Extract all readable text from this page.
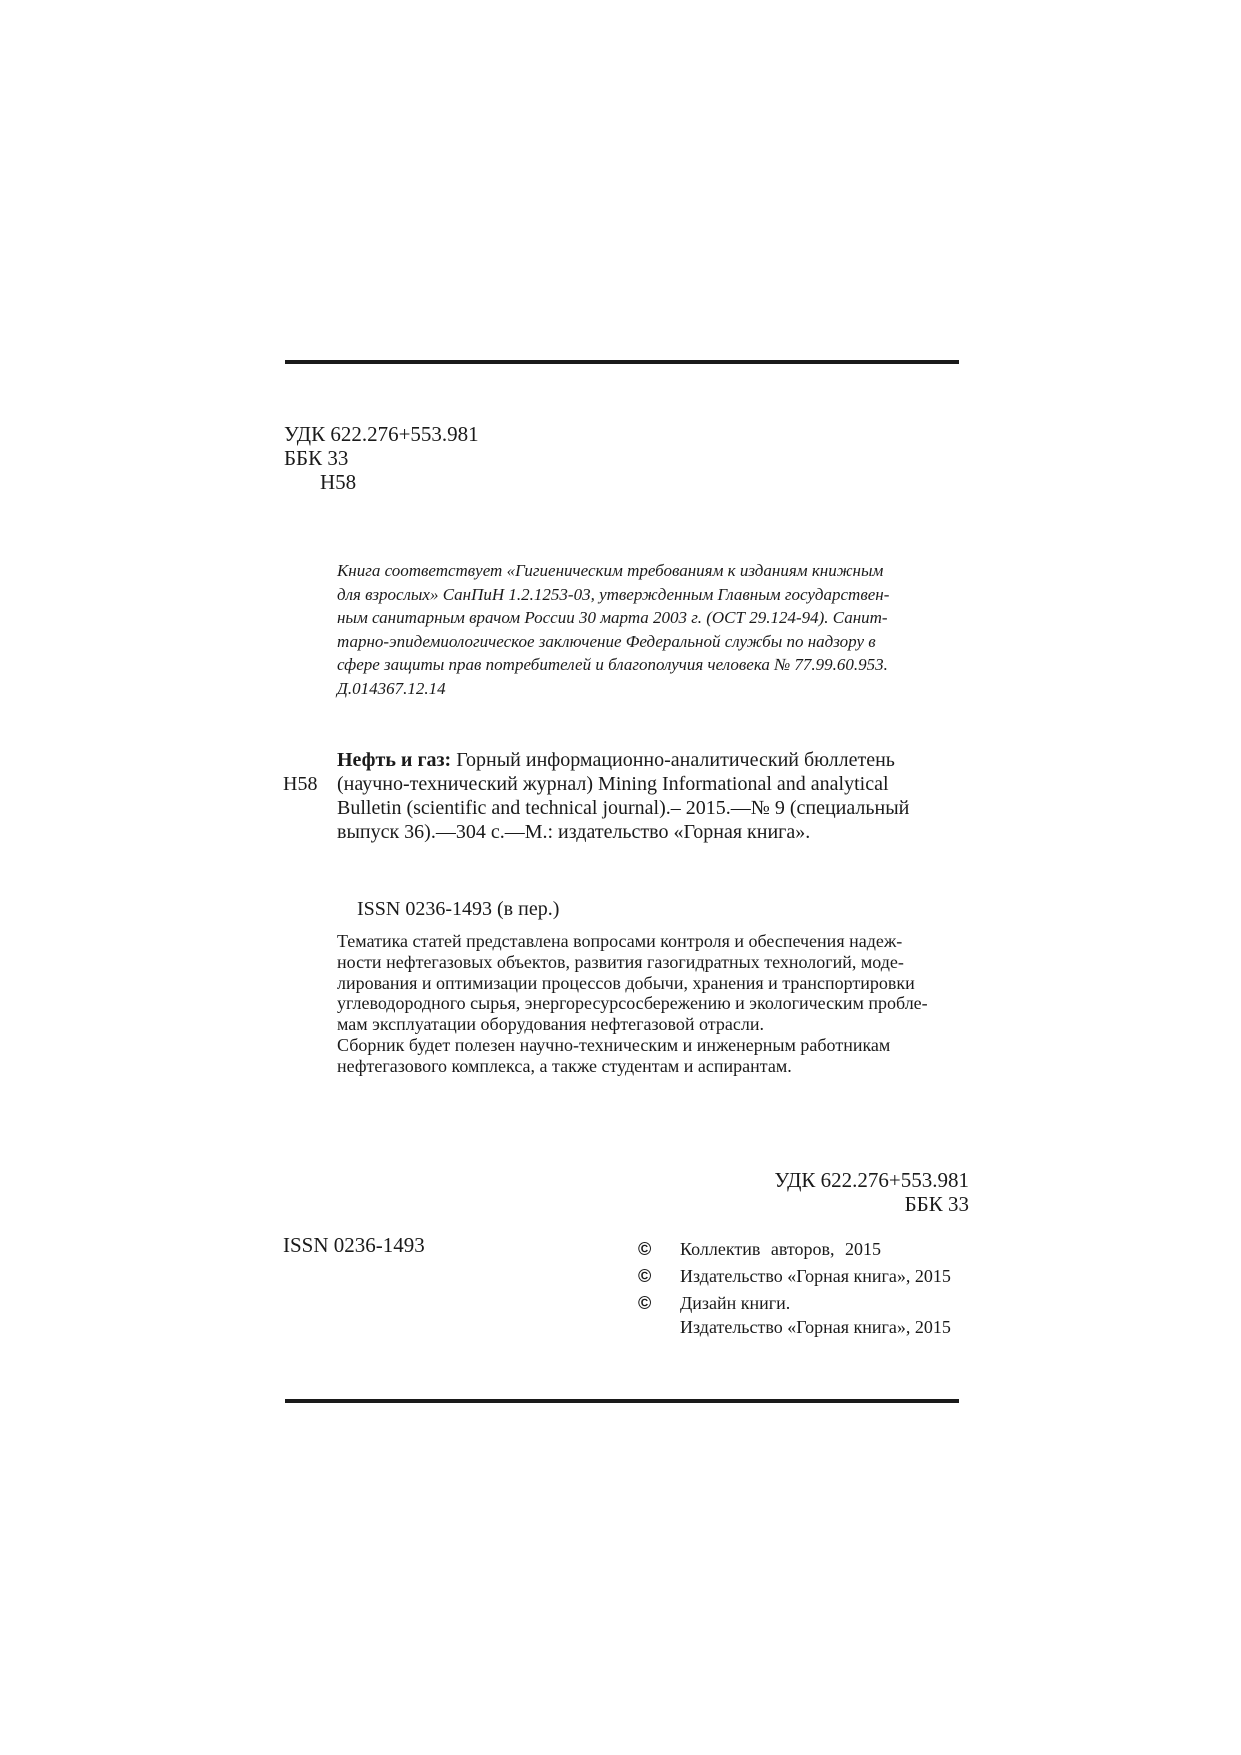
УДК 622.276+553.981
ББК 33
Н58
Книга соответствует «Гигиеническим требованиям к изданиям книжным
для взрослых» СанПиН 1.2.1253-03, утвержденным Главным государствен-
ным санитарным врачом России 30 марта 2003 г. (ОСТ 29.124-94). Санит-
тарно-эпидемиологическое заключение Федеральной службы по надзору в
сфере защиты прав потребителей и благополучия человека № 77.99.60.953.
Д.014367.12.14
Н58
Нефть и газ: Горный информационно-аналитический бюллетень
(научно-технический журнал) Mining Informational and analytical
Bulletin (scientific and technical journal).– 2015.—№ 9 (специальный
выпуск 36).—304 с.—М.: издательство «Горная книга».
ISSN 0236-1493 (в пер.)
Тематика статей представлена вопросами контроля и обеспечения надеж-
ности нефтегазовых объектов, развития газогидратных технологий, моде-
лирования и оптимизации процессов добычи, хранения и транспортировки
углеводородного сырья, энергоресурсосбережению и экологическим пробле-
мам эксплуатации оборудования нефтегазовой отрасли.
Сборник будет полезен научно-техническим и инженерным работникам
нефтегазового комплекса, а также студентам и аспирантам.
УДК 622.276+553.981
ББК 33
ISSN 0236-1493	©	Коллектив авторов, 2015
©	Издательство «Горная книга», 2015
©	Дизайн книги.
Издательство «Горная книга», 2015
